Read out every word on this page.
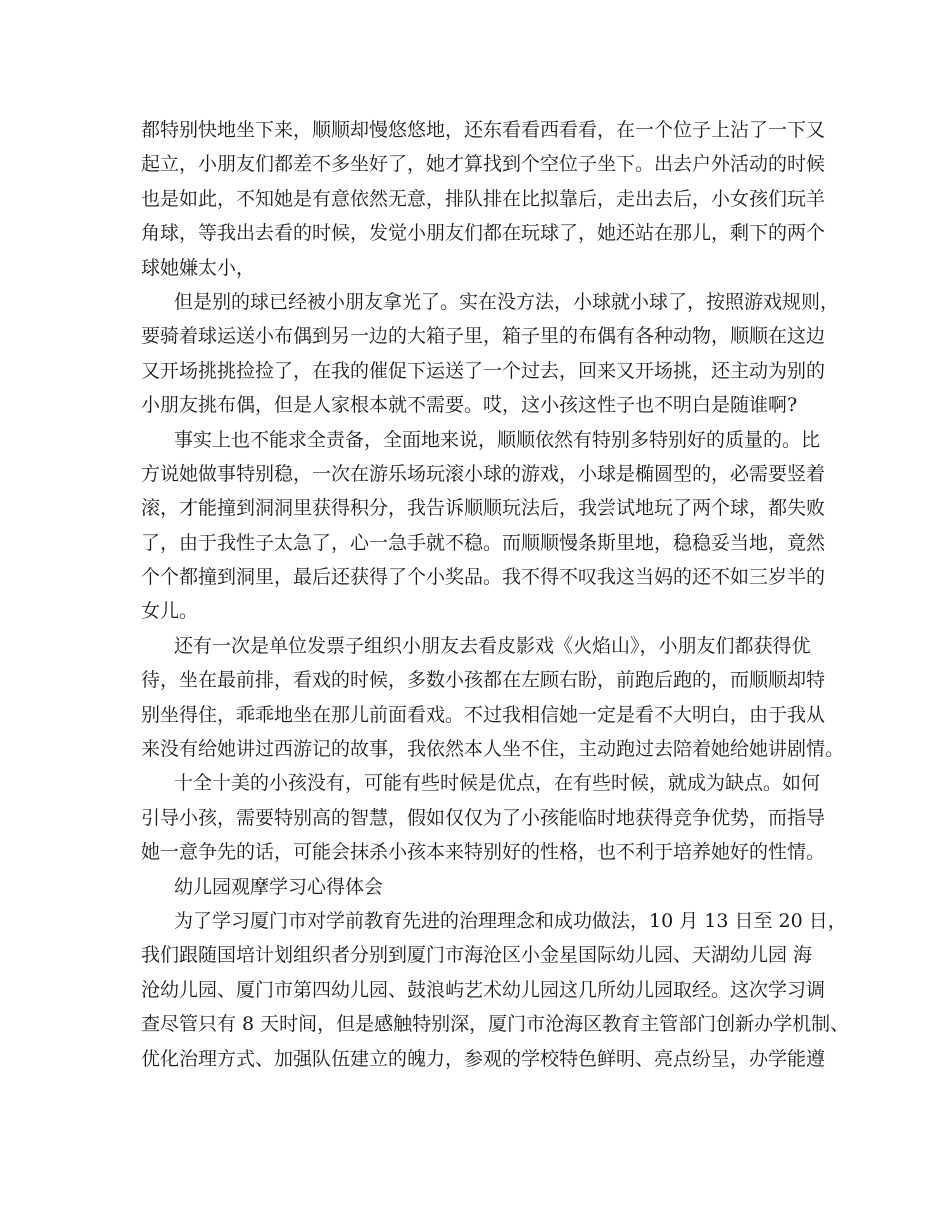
都特别快地坐下来，顺顺却慢悠悠地，还东看看西看看，在一个位子上沾了一下又
起立，小朋友们都差不多坐好了，她才算找到个空位子坐下。出去户外活动的时候
也是如此，不知她是有意依然无意，排队排在比拟靠后，走出去后，小女孩们玩羊
角球，等我出去看的时候，发觉小朋友们都在玩球了，她还站在那儿，剩下的两个
球她嫌太小，
但是别的球已经被小朋友拿光了。实在没方法，小球就小球了，按照游戏规则，
要骑着球运送小布偶到另一边的大箱子里，箱子里的布偶有各种动物，顺顺在这边
又开场挑挑捡捡了，在我的催促下运送了一个过去，回来又开场挑，还主动为别的
小朋友挑布偶，但是人家根本就不需要。哎，这小孩这性子也不明白是随谁啊?
事实上也不能求全责备，全面地来说，顺顺依然有特别多特别好的质量的。比
方说她做事特别稳，一次在游乐场玩滚小球的游戏，小球是椭圆型的，必需要竖着
滚，才能撞到洞洞里获得积分，我告诉顺顺玩法后，我尝试地玩了两个球，都失败
了，由于我性子太急了，心一急手就不稳。而顺顺慢条斯里地，稳稳妥当地，竟然
个个都撞到洞里，最后还获得了个小奖品。我不得不叹我这当妈的还不如三岁半的
女儿。
还有一次是单位发票子组织小朋友去看皮影戏《火焰山》，小朋友们都获得优
待，坐在最前排，看戏的时候，多数小孩都在左顾右盼，前跑后跑的，而顺顺却特
别坐得住，乖乖地坐在那儿前面看戏。不过我相信她一定是看不大明白，由于我从
来没有给她讲过西游记的故事，我依然本人坐不住，主动跑过去陪着她给她讲剧情。
十全十美的小孩没有，可能有些时候是优点，在有些时候，就成为缺点。如何
引导小孩，需要特别高的智慧，假如仅仅为了小孩能临时地获得竞争优势，而指导
她一意争先的话，可能会抹杀小孩本来特别好的性格，也不利于培养她好的性情。
幼儿园观摩学习心得体会
为了学习厦门市对学前教育先进的治理理念和成功做法，10 月 13 日至 20 日，
我们跟随国培计划组织者分别到厦门市海沧区小金星国际幼儿园、天湖幼儿园 海
沧幼儿园、厦门市第四幼儿园、鼓浪屿艺术幼儿园这几所幼儿园取经。这次学习调
查尽管只有 8 天时间，但是感触特别深，厦门市沧海区教育主管部门创新办学机制、
优化治理方式、加强队伍建立的魄力，参观的学校特色鲜明、亮点纷呈，办学能遵
